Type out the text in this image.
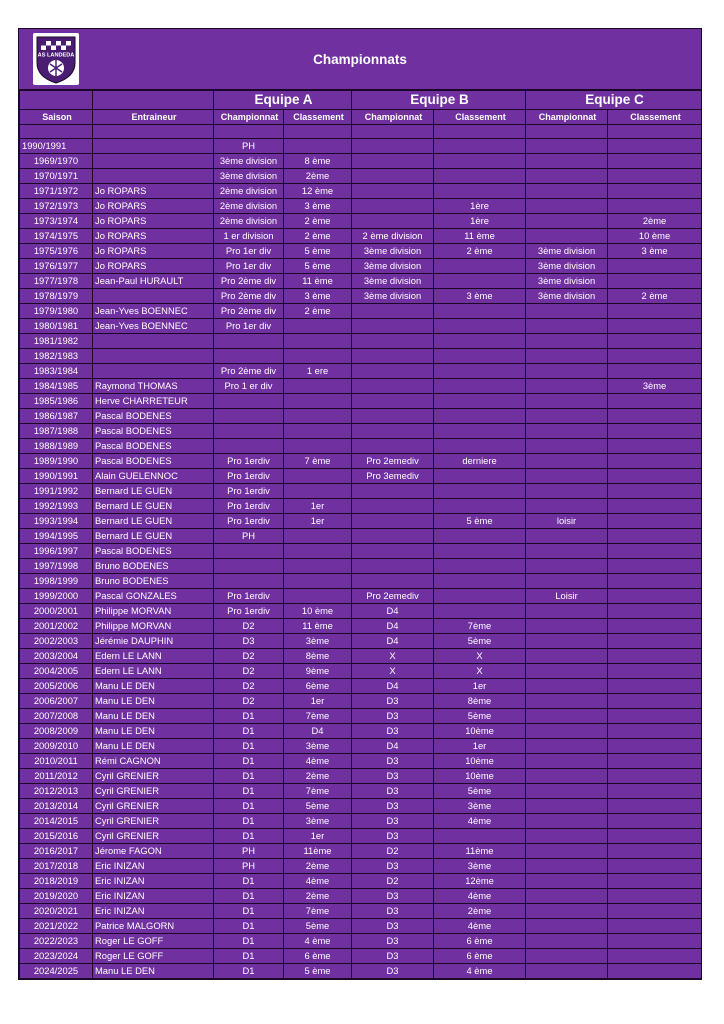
AS LANDEDA	Championnats
		Equipe A		Equipe B		Equipe C	
Saison	Entraineur	Championnat	Classement	Championnat	Classement	Championnat	Classement

1990/1991		PH					
1969/1970		3ème division	8 ème				
1970/1971		3ème division	2ème				
1971/1972	Jo ROPARS	2ème division	12 ème				
1972/1973	Jo ROPARS	2ème division	3 ème		1ère		
1973/1974	Jo ROPARS	2ème division	2 ème		1ère		2ème
1974/1975	Jo ROPARS	1 er division	2 ème	2 ème division	11 ème		10 ème
1975/1976	Jo ROPARS	Pro 1er div	5 ème	3ème division	2 ème	3ème division	3 ème
1976/1977	Jo ROPARS	Pro 1er div	5 ème	3ème division		3ème division	
1977/1978	Jean-Paul HURAULT	Pro 2ème div	11 ème	3ème division		3ème division	
1978/1979		Pro 2ème div	3 ème	3ème division	3 ème	3ème division	2 ème
1979/1980	Jean-Yves BOENNEC	Pro 2ème div	2 ème				
1980/1981	Jean-Yves BOENNEC	Pro 1er div					
1981/1982							
1982/1983							
1983/1984		Pro 2ème div	1 ere				
1984/1985	Raymond THOMAS	Pro 1 er div					3ème
1985/1986	Herve CHARRETEUR						
1986/1987	Pascal BODENES						
1987/1988	Pascal BODENES						
1988/1989	Pascal BODENES						
1989/1990	Pascal BODENES	Pro 1erdiv	7 ème	Pro 2emediv	derniere		
1990/1991	Alain GUELENNOC	Pro 1erdiv		Pro 3emediv			
1991/1992	Bernard LE GUEN	Pro 1erdiv					
1992/1993	Bernard LE GUEN	Pro 1erdiv	1er				
1993/1994	Bernard LE GUEN	Pro 1erdiv	1er		5 ème	loisir	
1994/1995	Bernard LE GUEN	PH					
1996/1997	Pascal BODENES						
1997/1998	Bruno BODENES						
1998/1999	Bruno BODENES						
1999/2000	Pascal GONZALES	Pro 1erdiv		Pro 2emediv		Loisir	
2000/2001	Philippe MORVAN	Pro 1erdiv	10 ème	D4			
2001/2002	Philippe MORVAN	D2	11 ème	D4	7ème		
2002/2003	Jérémie DAUPHIN	D3	3ème	D4	5ème		
2003/2004	Edern LE LANN	D2	8ème	X	X		
2004/2005	Edern LE LANN	D2	9ème	X	X		
2005/2006	Manu LE DEN	D2	6ème	D4	1er		
2006/2007	Manu LE DEN	D2	1er	D3	8ème		
2007/2008	Manu LE DEN	D1	7ème	D3	5ème		
2008/2009	Manu LE DEN	D1	D4	D3	10ème		
2009/2010	Manu LE DEN	D1	3ème	D4	1er		
2010/2011	Rémi CAGNON	D1	4ème	D3	10ème		
2011/2012	Cyril GRENIER	D1	2ème	D3	10ème		
2012/2013	Cyril GRENIER	D1	7ème	D3	5ème		
2013/2014	Cyril GRENIER	D1	5ème	D3	3ème		
2014/2015	Cyril GRENIER	D1	3ème	D3	4ème		
2015/2016	Cyril GRENIER	D1	1er	D3			
2016/2017	Jérome FAGON	PH	11ème	D2	11ème		
2017/2018	Eric INIZAN	PH	2ème	D3	3ème		
2018/2019	Eric INIZAN	D1	4ème	D2	12ème		
2019/2020	Eric INIZAN	D1	2ème	D3	4ème		
2020/2021	Eric INIZAN	D1	7ème	D3	2ème		
2021/2022	Patrice MALGORN	D1	5ème	D3	4ème		
2022/2023	Roger LE GOFF	D1	4 ème	D3	6 ème		
2023/2024	Roger LE GOFF	D1	6 ème	D3	6 ème		
2024/2025	Manu LE DEN	D1	5 ème	D3	4 ème		
